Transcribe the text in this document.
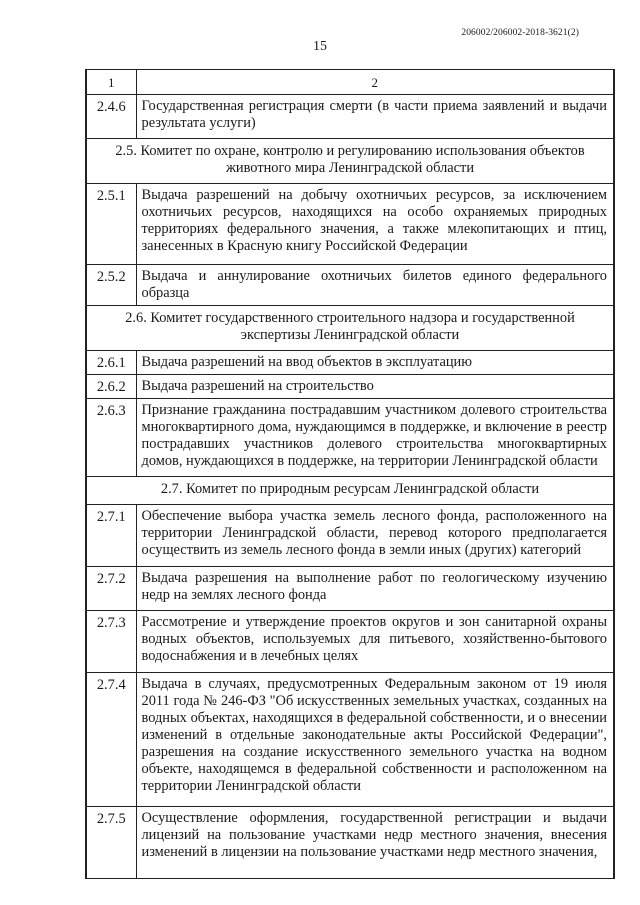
206002/206002-2018-3621(2)
15
1	2

2.4.6	Государственная регистрация смерти (в части приема заявлений и выдачи результата услуги)

2.5. Комитет по охране, контролю и регулированию использования объектов животного мира Ленинградской области	

2.5.1	Выдача разрешений на добычу охотничьих ресурсов, за исключением охотничьих ресурсов, находящихся на особо охраняемых природных территориях федерального значения, а также млекопитающих и птиц, занесенных в Красную книгу Российской Федерации

2.5.2	Выдача и аннулирование охотничьих билетов единого федерального образца

2.6. Комитет государственного строительного надзора и государственной экспертизы Ленинградской области	

2.6.1	Выдача разрешений на ввод объектов в эксплуатацию

2.6.2	Выдача разрешений на строительство

2.6.3	Признание гражданина пострадавшим участником долевого строительства многоквартирного дома, нуждающимся в поддержке, и включение в реестр пострадавших участников долевого строительства многоквартирных домов, нуждающихся в поддержке, на территории Ленинградской области

2.7. Комитет по природным ресурсам Ленинградской области	

2.7.1	Обеспечение выбора участка земель лесного фонда, расположенного на территории Ленинградской области, перевод которого предполагается осуществить из земель лесного фонда в земли иных (других) категорий

2.7.2	Выдача разрешения на выполнение работ по геологическому изучению недр на землях лесного фонда

2.7.3	Рассмотрение и утверждение проектов округов и зон санитарной охраны водных объектов, используемых для питьевого, хозяйственно-бытового водоснабжения и в лечебных целях

2.7.4	Выдача в случаях, предусмотренных Федеральным законом от 19 июля 2011 года № 246-ФЗ "Об искусственных земельных участках, созданных на водных объектах, находящихся в федеральной собственности, и о внесении изменений в отдельные законодательные акты Российской Федерации", разрешения на создание искусственного земельного участка на водном объекте, находящемся в федеральной собственности и расположенном на территории Ленинградской области

2.7.5	Осуществление оформления, государственной регистрации и выдачи лицензий на пользование участками недр местного значения, внесения изменений в лицензии на пользование участками недр местного значения,
